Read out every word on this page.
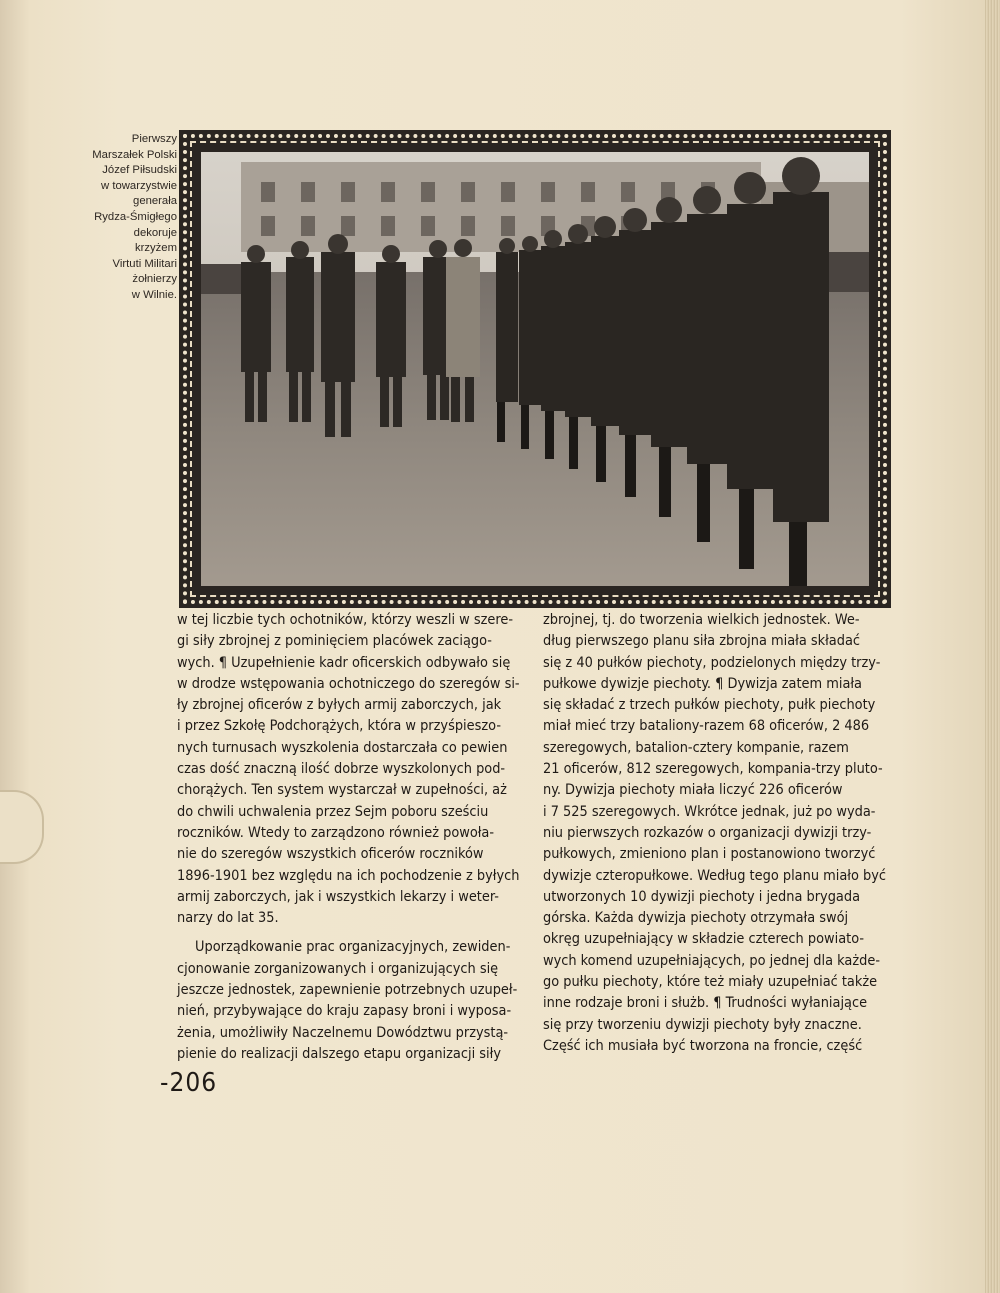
Pierwszy
Marszałek Polski
Józef Piłsudski
w towarzystwie
generała
Rydza-Śmigłego
dekoruje
krzyżem
Virtuti Militari
żołnierzy
w Wilnie.
w tej liczbie tych ochotników, którzy weszli w szere-
gi siły zbrojnej z pominięciem placówek zaciągo-
wych. ¶ Uzupełnienie kadr oficerskich odbywało się
w drodze wstępowania ochotniczego do szeregów si-
ły zbrojnej oficerów z byłych armij zaborczych, jak
i przez Szkołę Podchorążych, która w przyśpieszo-
nych turnusach wyszkolenia dostarczała co pewien
czas dość znaczną ilość dobrze wyszkolonych pod-
chorążych. Ten system wystarczał w zupełności, aż
do chwili uchwalenia przez Sejm poboru sześciu
roczników. Wtedy to zarządzono również powoła-
nie do szeregów wszystkich oficerów roczników
1896-1901 bez względu na ich pochodzenie z byłych
armij zaborczych, jak i wszystkich lekarzy i weter-
narzy do lat 35.
Uporządkowanie prac organizacyjnych, zewiden-
cjonowanie zorganizowanych i organizujących się
jeszcze jednostek, zapewnienie potrzebnych uzupeł-
nień, przybywające do kraju zapasy broni i wyposa-
żenia, umożliwiły Naczelnemu Dowództwu przystą-
pienie do realizacji dalszego etapu organizacji siły
zbrojnej, tj. do tworzenia wielkich jednostek. We-
dług pierwszego planu siła zbrojna miała składać
się z 40 pułków piechoty, podzielonych między trzy-
pułkowe dywizje piechoty. ¶ Dywizja zatem miała
się składać z trzech pułków piechoty, pułk piechoty
miał mieć trzy bataliony-razem 68 oficerów, 2 486
szeregowych, batalion-cztery kompanie, razem
21 oficerów, 812 szeregowych, kompania-trzy pluto-
ny. Dywizja piechoty miała liczyć 226 oficerów
i 7 525 szeregowych. Wkrótce jednak, już po wyda-
niu pierwszych rozkazów o organizacji dywizji trzy-
pułkowych, zmieniono plan i postanowiono tworzyć
dywizje czteropułkowe. Według tego planu miało być
utworzonych 10 dywizji piechoty i jedna brygada
górska. Każda dywizja piechoty otrzymała swój
okręg uzupełniający w składzie czterech powiato-
wych komend uzupełniających, po jednej dla każde-
go pułku piechoty, które też miały uzupełniać także
inne rodzaje broni i służb. ¶ Trudności wyłaniające
się przy tworzeniu dywizji piechoty były znaczne.
Część ich musiała być tworzona na froncie, część
-206
